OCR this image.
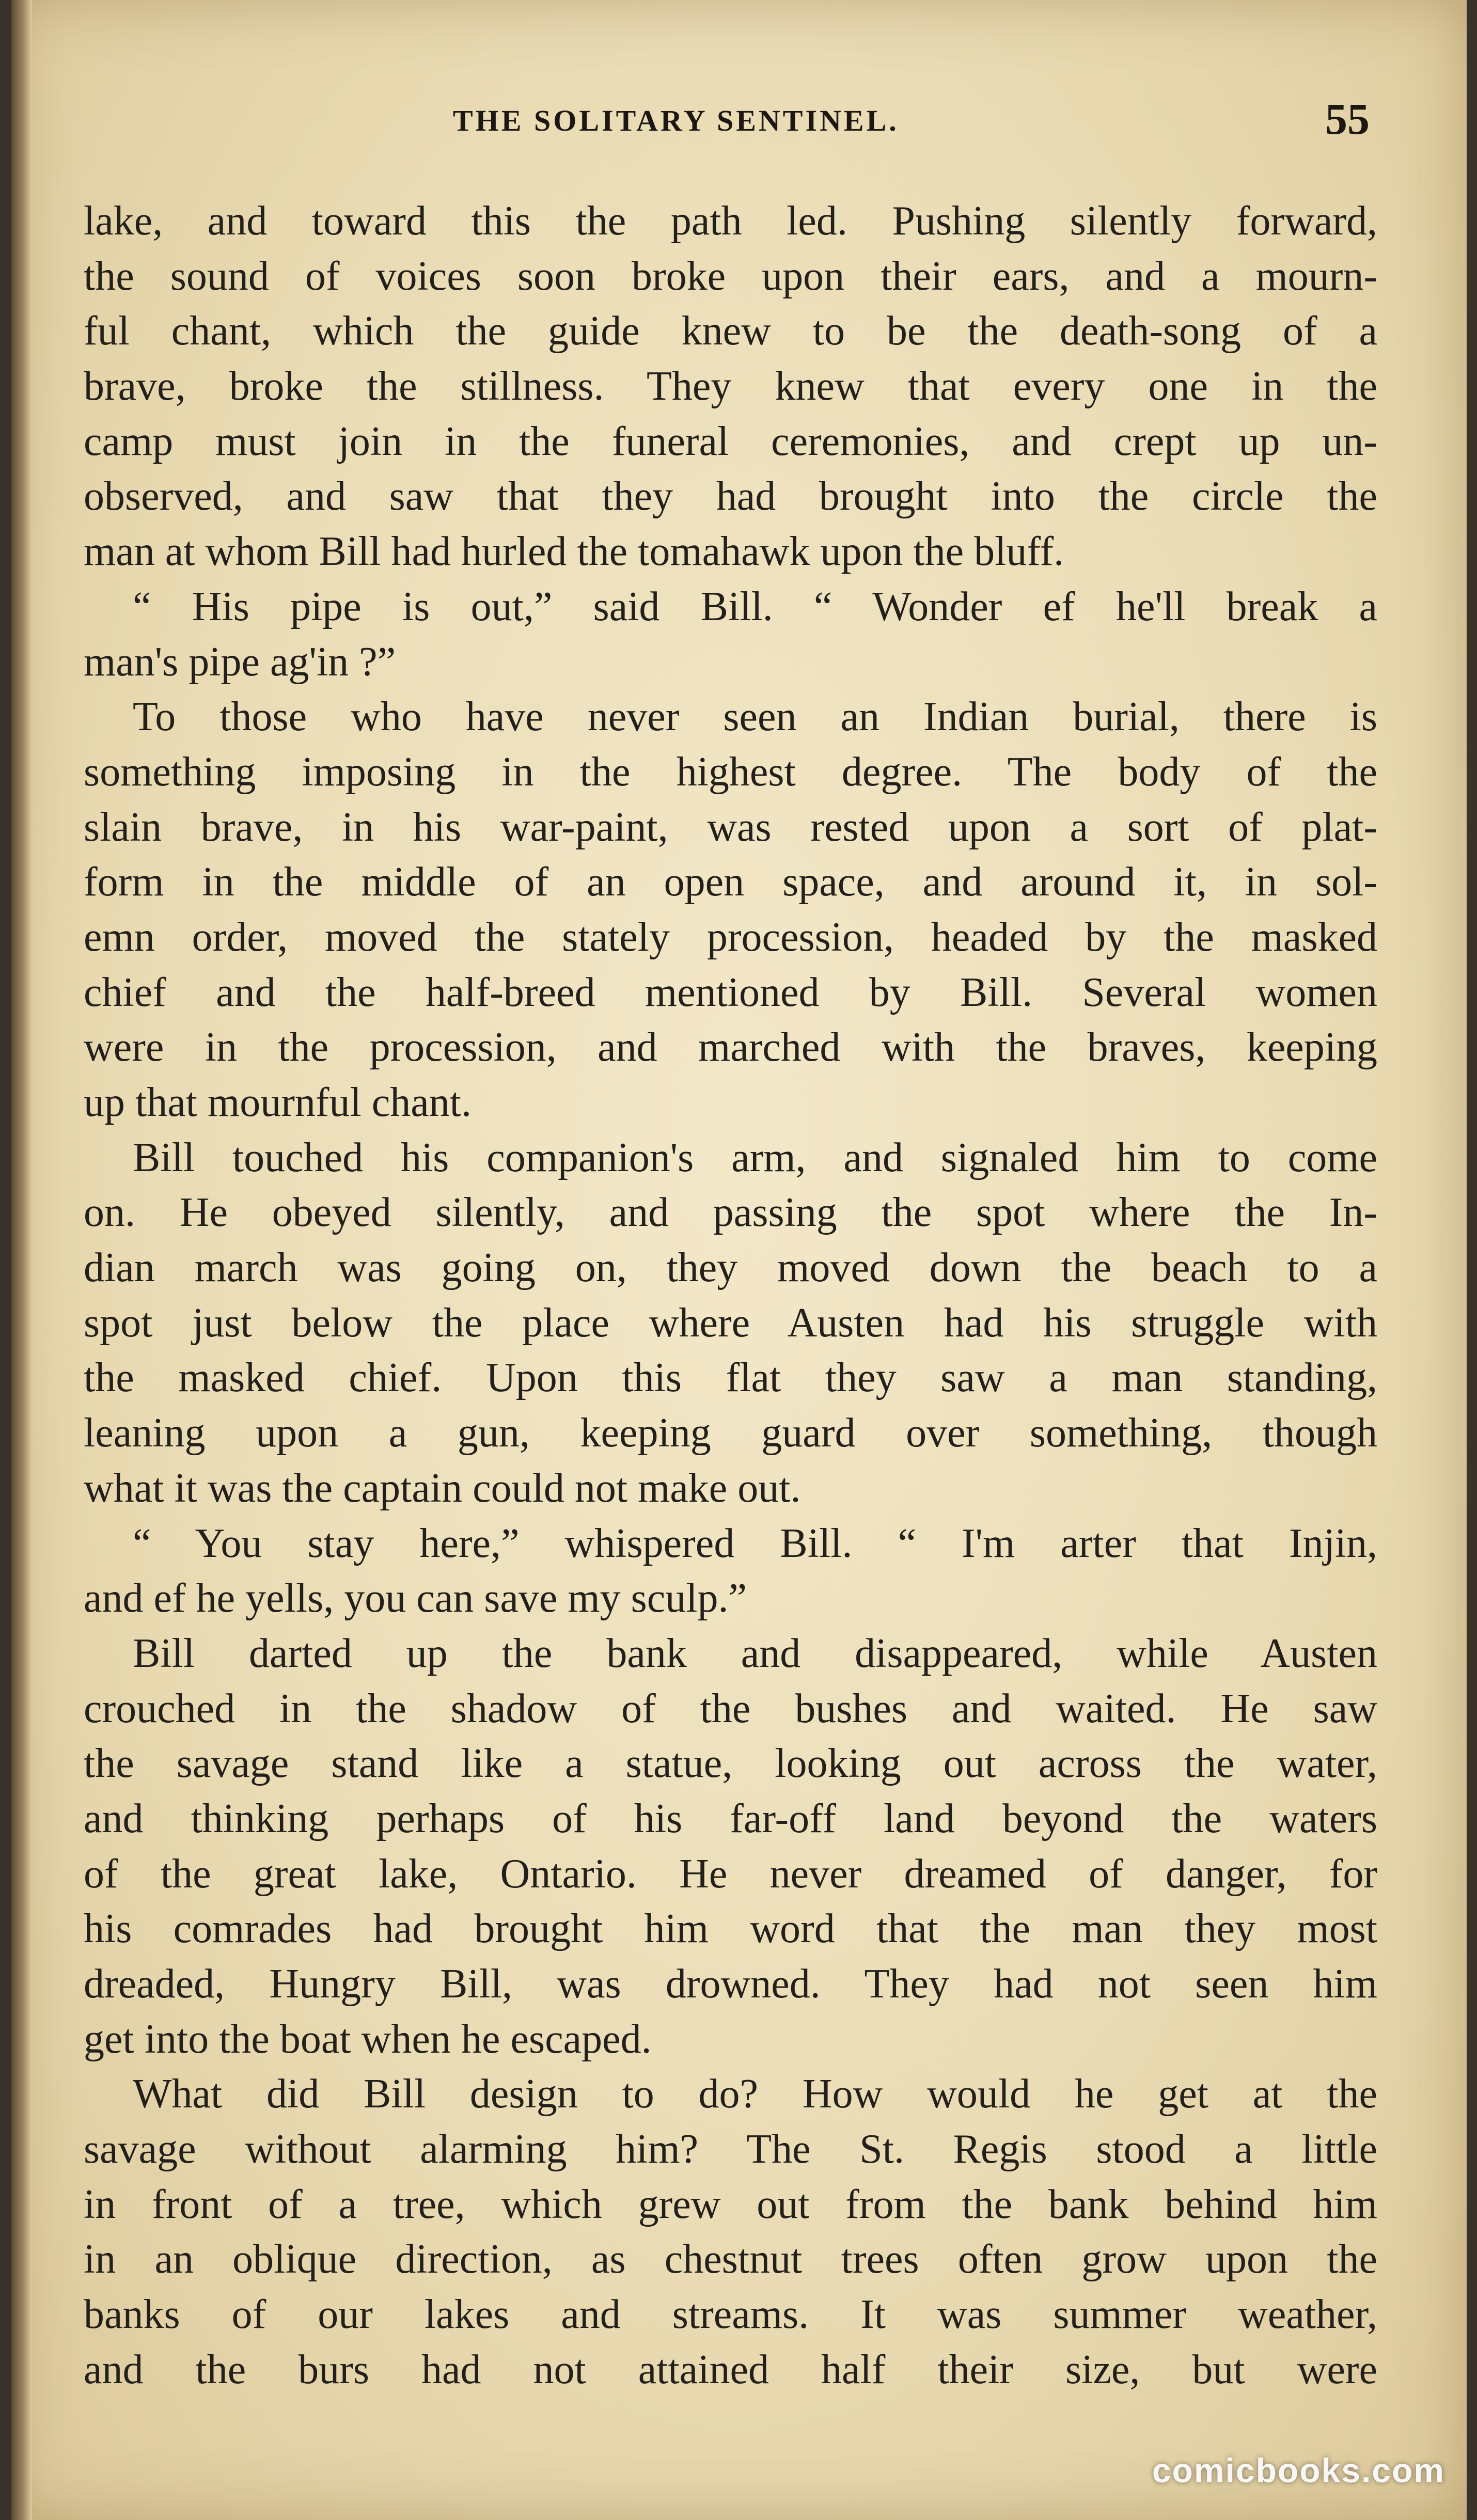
THE SOLITARY SENTINEL.	55
lake, and toward this the path led. Pushing silently forward,
the sound of voices soon broke upon their ears, and a mourn-
ful chant, which the guide knew to be the death-song of a
brave, broke the stillness. They knew that every one in the
camp must join in the funeral ceremonies, and crept up un-
observed, and saw that they had brought into the circle the
man at whom Bill had hurled the tomahawk upon the bluff.
“ His pipe is out,” said Bill. “ Wonder ef he'll break a
man's pipe ag'in ?”
To those who have never seen an Indian burial, there is
something imposing in the highest degree. The body of the
slain brave, in his war-paint, was rested upon a sort of plat-
form in the middle of an open space, and around it, in sol-
emn order, moved the stately procession, headed by the masked
chief and the half-breed mentioned by Bill. Several women
were in the procession, and marched with the braves, keeping
up that mournful chant.
Bill touched his companion's arm, and signaled him to come
on. He obeyed silently, and passing the spot where the In-
dian march was going on, they moved down the beach to a
spot just below the place where Austen had his struggle with
the masked chief. Upon this flat they saw a man standing,
leaning upon a gun, keeping guard over something, though
what it was the captain could not make out.
“ You stay here,” whispered Bill. “ I'm arter that Injin,
and ef he yells, you can save my sculp.”
Bill darted up the bank and disappeared, while Austen
crouched in the shadow of the bushes and waited. He saw
the savage stand like a statue, looking out across the water,
and thinking perhaps of his far-off land beyond the waters
of the great lake, Ontario. He never dreamed of danger, for
his comrades had brought him word that the man they most
dreaded, Hungry Bill, was drowned. They had not seen him
get into the boat when he escaped.
What did Bill design to do? How would he get at the
savage without alarming him? The St. Regis stood a little
in front of a tree, which grew out from the bank behind him
in an oblique direction, as chestnut trees often grow upon the
banks of our lakes and streams. It was summer weather,
and the burs had not attained half their size, but were
comicbooks.com
